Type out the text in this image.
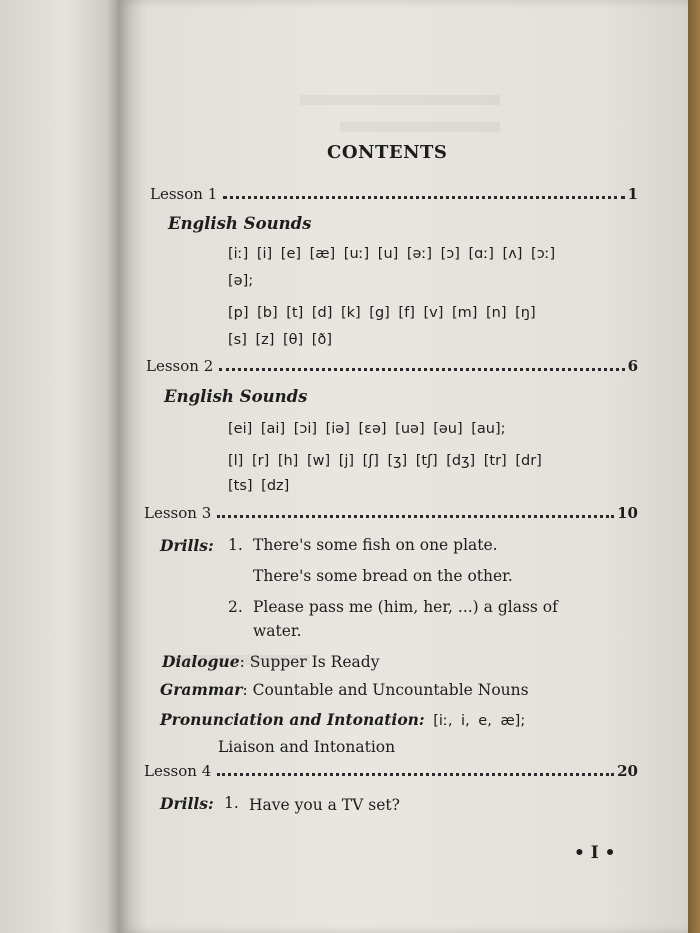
CONTENTS
Lesson 1	1
English Sounds
[iː] [i] [e] [æ] [uː] [u] [əː] [ɔ] [ɑː] [ʌ] [ɔː]
[ə];
[p] [b] [t] [d] [k] [g] [f] [v] [m] [n] [ŋ]
[s] [z] [θ] [ð]
Lesson 2	6
English Sounds
[ei] [ai] [ɔi] [iə] [ɛə] [uə] [əu] [au];
[l] [r] [h] [w] [j] [ʃ] [ʒ] [tʃ] [dʒ] [tr] [dr]
[ts] [dz]
Lesson 3	10
Drills: 1. There's some fish on one plate.
There's some bread on the other.
2. Please pass me (him, her, ...) a glass of
water.
Dialogue: Supper Is Ready
Grammar: Countable and Uncountable Nouns
Pronunciation and Intonation: [iː, i, e, æ];
Liaison and Intonation
Lesson 4	20
Drills: 1. Have you a TV set?
• I •
